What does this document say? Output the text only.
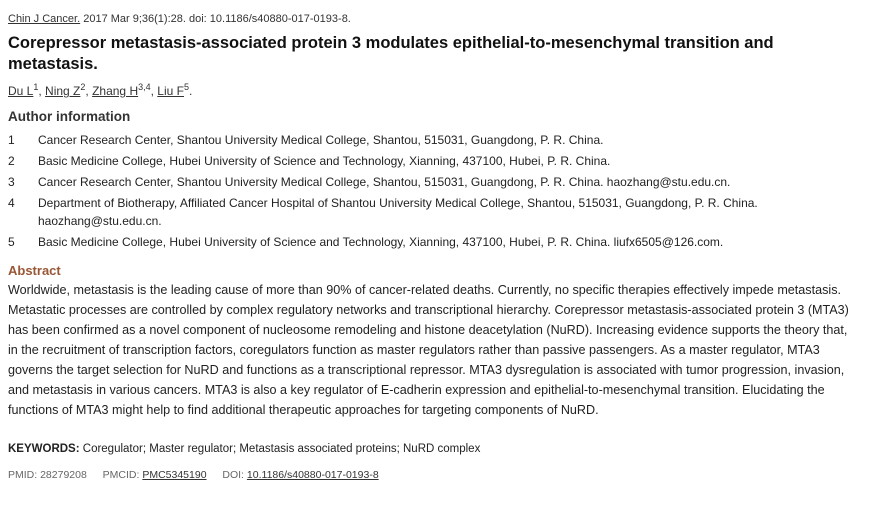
Chin J Cancer. 2017 Mar 9;36(1):28. doi: 10.1186/s40880-017-0193-8.
Corepressor metastasis-associated protein 3 modulates epithelial-to-mesenchymal transition and metastasis.
Du $L^1$, Ning $Z^2$, Zhang H$^{3,4}$, Liu $F^5$.
Author information
1	Cancer Research Center, Shantou University Medical College, Shantou, 515031, Guangdong, P. R. China.
2	Basic Medicine College, Hubei University of Science and Technology, Xianning, 437100, Hubei, P. R. China.
3	Cancer Research Center, Shantou University Medical College, Shantou, 515031, Guangdong, P. R. China. haozhang@stu.edu.cn.
4	Department of Biotherapy, Affiliated Cancer Hospital of Shantou University Medical College, Shantou, 515031, Guangdong, P. R. China. haozhang@stu.edu.cn.
5	Basic Medicine College, Hubei University of Science and Technology, Xianning, 437100, Hubei, P. R. China. liufx6505@126.com.
Abstract
Worldwide, metastasis is the leading cause of more than 90% of cancer-related deaths. Currently, no specific therapies effectively impede metastasis. Metastatic processes are controlled by complex regulatory networks and transcriptional hierarchy. Corepressor metastasis-associated protein 3 (MTA3) has been confirmed as a novel component of nucleosome remodeling and histone deacetylation (NuRD). Increasing evidence supports the theory that, in the recruitment of transcription factors, coregulators function as master regulators rather than passive passengers. As a master regulator, MTA3 governs the target selection for NuRD and functions as a transcriptional repressor. MTA3 dysregulation is associated with tumor progression, invasion, and metastasis in various cancers. MTA3 is also a key regulator of E-cadherin expression and epithelial-to-mesenchymal transition. Elucidating the functions of MTA3 might help to find additional therapeutic approaches for targeting components of NuRD.
KEYWORDS: Coregulator; Master regulator; Metastasis associated proteins; NuRD complex
PMID: 28279208 PMCID: PMC5345190 DOI: 10.1186/s40880-017-0193-8
